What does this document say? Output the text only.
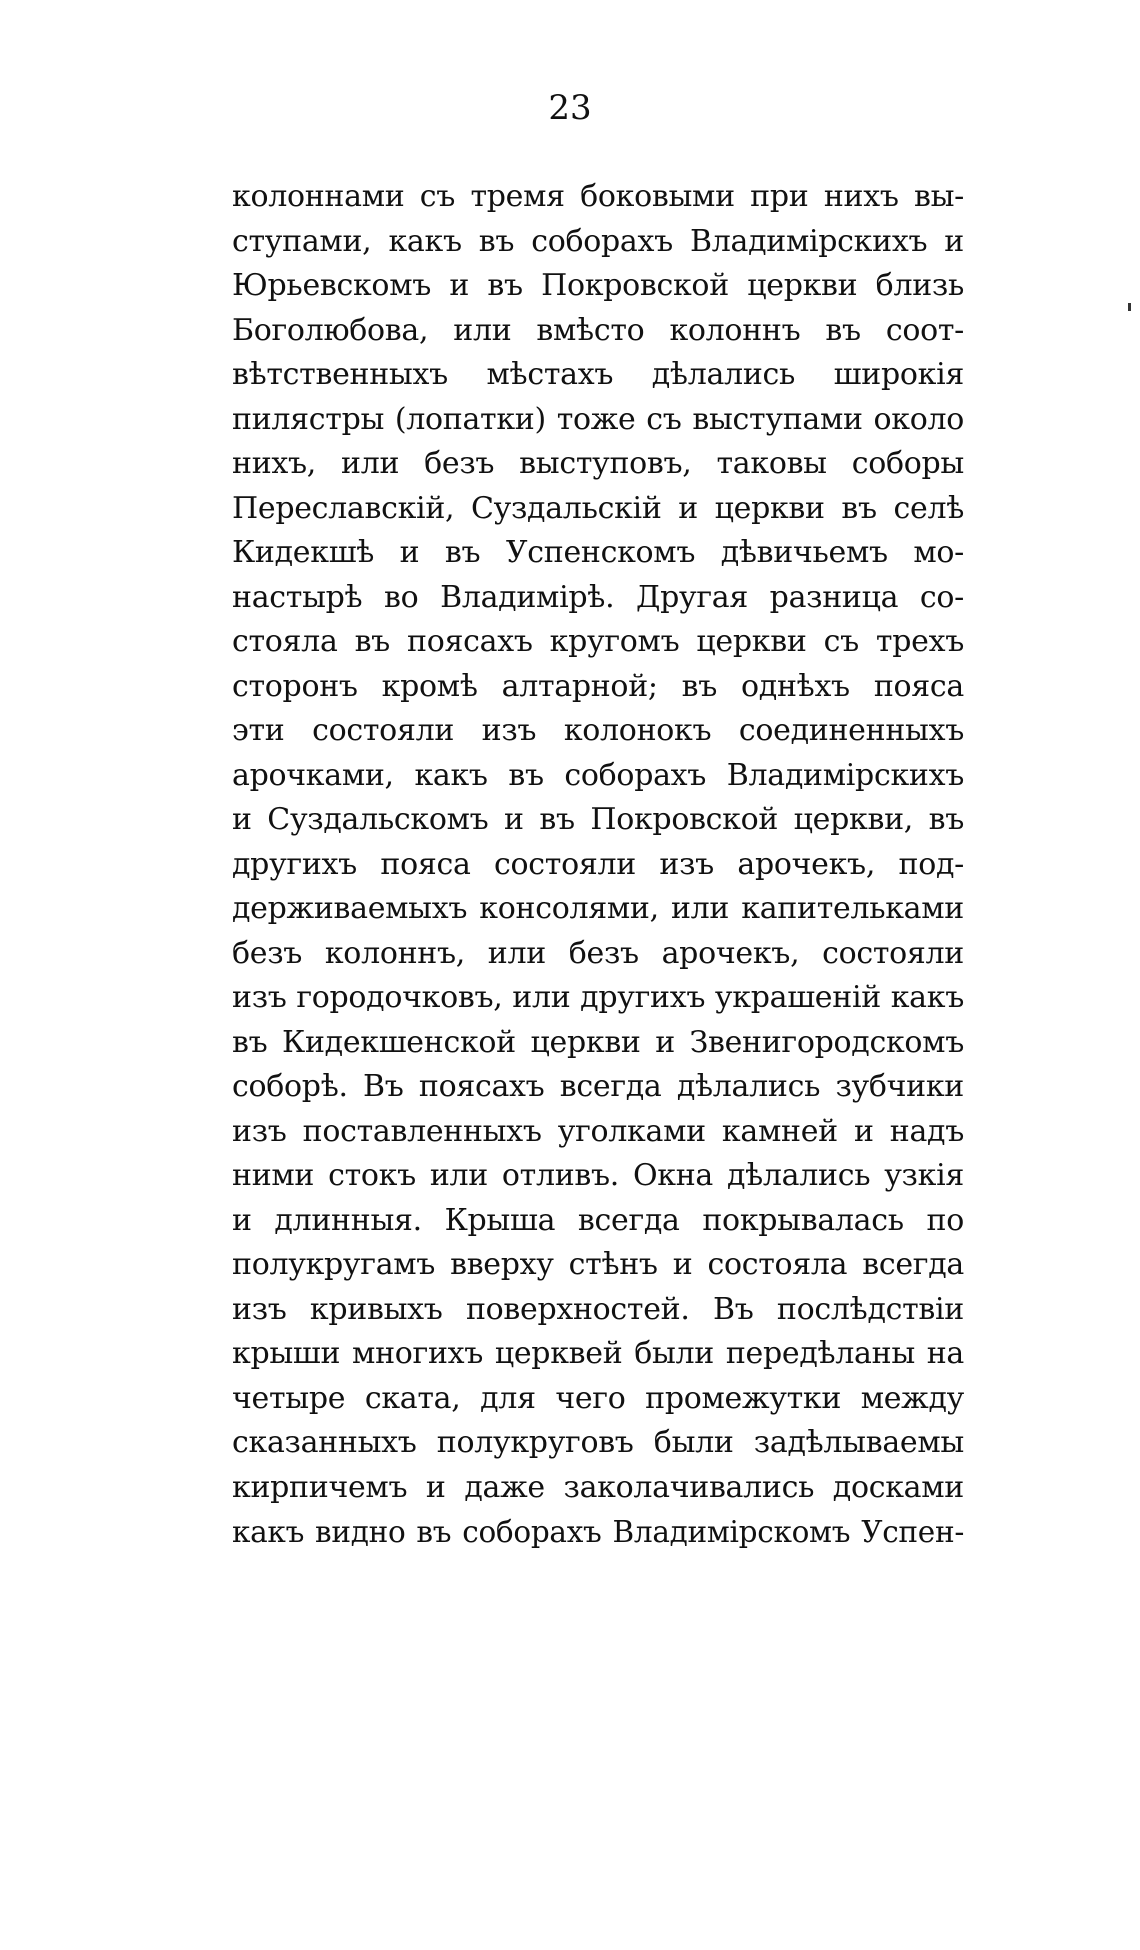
23
колоннами съ тремя боковыми при нихъ вы-
ступами, какъ въ соборахъ Владимірскихъ и
Юрьевскомъ и въ Покровской церкви близь
Боголюбова, или вмѣсто колоннъ въ соот-
вѣтственныхъ мѣстахъ дѣлались широкія
пилястры (лопатки) тоже съ выступами около
нихъ, или безъ выступовъ, таковы соборы
Переславскій, Суздальскій и церкви въ селѣ
Кидекшѣ и въ Успенскомъ дѣвичьемъ мо-
настырѣ во Владимірѣ. Другая разница со-
стояла въ поясахъ кругомъ церкви съ трехъ
сторонъ кромѣ алтарной; въ однѣхъ пояса
эти состояли изъ колонокъ соединенныхъ
арочками, какъ въ соборахъ Владимірскихъ
и Суздальскомъ и въ Покровской церкви, въ
другихъ пояса состояли изъ арочекъ, под-
держиваемыхъ консолями, или капительками
безъ колоннъ, или безъ арочекъ, состояли
изъ городочковъ, или другихъ украшеній какъ
въ Кидекшенской церкви и Звенигородскомъ
соборѣ. Въ поясахъ всегда дѣлались зубчики
изъ поставленныхъ уголками камней и надъ
ними стокъ или отливъ. Окна дѣлались узкія
и длинныя. Крыша всегда покрывалась по
полукругамъ вверху стѣнъ и состояла всегда
изъ кривыхъ поверхностей. Въ послѣдствіи
крыши многихъ церквей были передѣланы на
четыре ската, для чего промежутки между
сказанныхъ полукруговъ были задѣлываемы
кирпичемъ и даже заколачивались досками
какъ видно въ соборахъ Владимірскомъ Успен-
